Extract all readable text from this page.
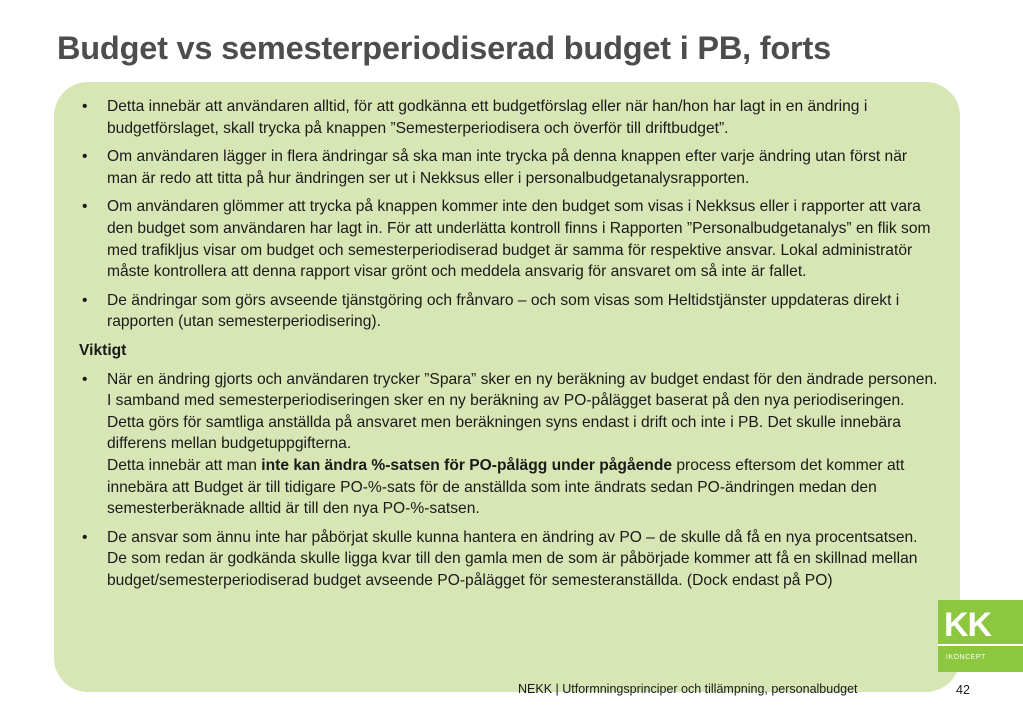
Budget vs semesterperiodiserad budget i PB, forts
• Detta innebär att användaren alltid, för att godkänna ett budgetförslag eller när han/hon har lagt in en ändring i budgetförslaget, skall trycka på knappen ”Semesterperiodisera och överför till driftbudget”.
• Om användaren lägger in flera ändringar så ska man inte trycka på denna knappen efter varje ändring utan först när man är redo att titta på hur ändringen ser ut i Nekksus eller i personalbudgetanalysrapporten.
• Om användaren glömmer att trycka på knappen kommer inte den budget som visas i Nekksus eller i rapporter att vara den budget som användaren har lagt in. För att underlätta kontroll finns i Rapporten ”Personalbudgetanalys” en flik som med trafikljus visar om budget och semesterperiodiserad budget är samma för respektive ansvar. Lokal administratör måste kontrollera att denna rapport visar grönt och meddela ansvarig för ansvaret om så inte är fallet.
• De ändringar som görs avseende tjänstgöring och frånvaro – och som visas som Heltidstjänster uppdateras direkt i rapporten (utan semesterperiodisering).
Viktigt
• När en ändring gjorts och användaren trycker ”Spara” sker en ny beräkning av budget endast för den ändrade personen. I samband med semesterperiodiseringen sker en ny beräkning av PO-pålägget baserat på den nya periodiseringen. Detta görs för samtliga anställda på ansvaret men beräkningen syns endast i drift och inte i PB. Det skulle innebära differens mellan budgetuppgifterna.
Detta innebär att man inte kan ändra %-satsen för PO-pålägg under pågående process eftersom det kommer att innebära att Budget är till tidigare PO-%-sats för de anställda som inte ändrats sedan PO-ändringen medan den semesterberäknade alltid är till den nya PO-%-satsen.
• De ansvar som ännu inte har påbörjat skulle kunna hantera en ändring av PO – de skulle då få en nya procentsatsen. De som redan är godkända skulle ligga kvar till den gamla men de som är påbörjade kommer att få en skillnad mellan budget/semesterperiodiserad budget avseende PO-pålägget för semesteranställda. (Dock endast på PO)
KK
IKONCEPT
NEKK | Utformningsprinciper och tillämpning, personalbudget	42
